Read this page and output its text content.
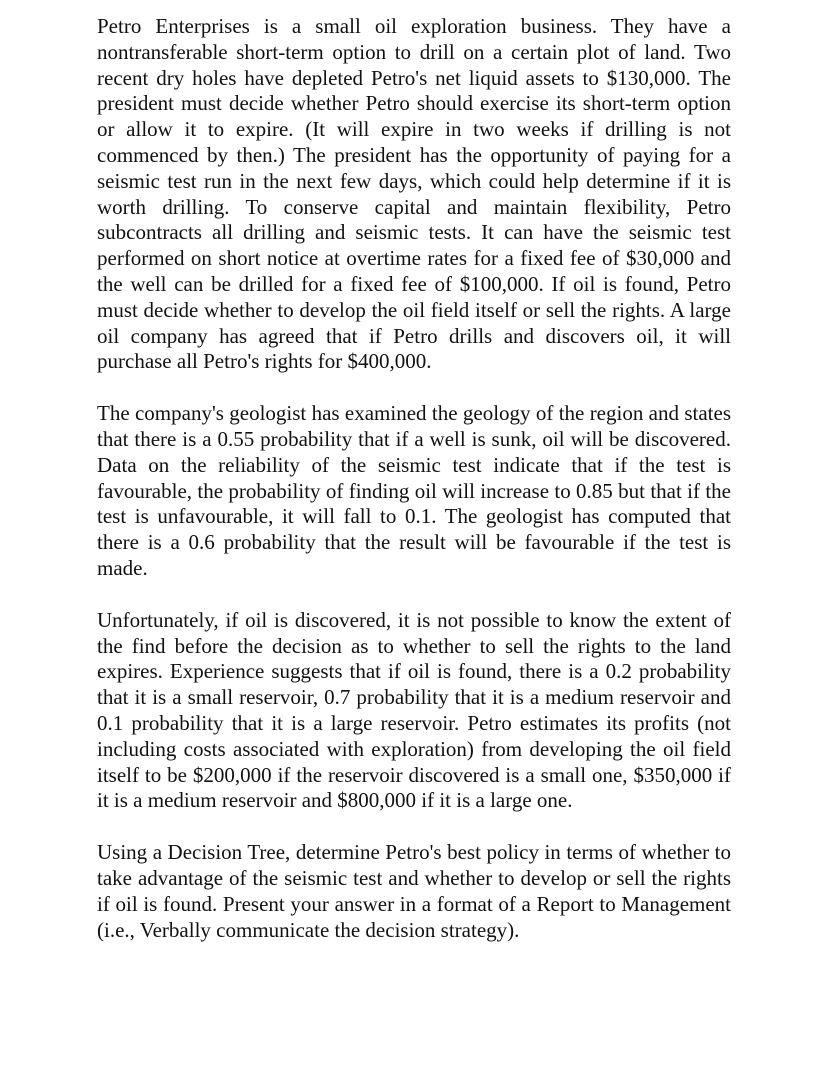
Petro Enterprises is a small oil exploration business. They have a nontransferable short-term option to drill on a certain plot of land. Two recent dry holes have depleted Petro's net liquid assets to $130,000. The president must decide whether Petro should exercise its short-term option or allow it to expire. (It will expire in two weeks if drilling is not commenced by then.) The president has the opportunity of paying for a seismic test run in the next few days, which could help determine if it is worth drilling. To conserve capital and maintain flexibility, Petro subcontracts all drilling and seismic tests. It can have the seismic test performed on short notice at overtime rates for a fixed fee of $30,000 and the well can be drilled for a fixed fee of $100,000. If oil is found, Petro must decide whether to develop the oil field itself or sell the rights. A large oil company has agreed that if Petro drills and discovers oil, it will purchase all Petro's rights for $400,000.

The company's geologist has examined the geology of the region and states that there is a 0.55 probability that if a well is sunk, oil will be discovered. Data on the reliability of the seismic test indicate that if the test is favourable, the probability of finding oil will increase to 0.85 but that if the test is unfavourable, it will fall to 0.1. The geologist has computed that there is a 0.6 probability that the result will be favourable if the test is made.

Unfortunately, if oil is discovered, it is not possible to know the extent of the find before the decision as to whether to sell the rights to the land expires. Experience suggests that if oil is found, there is a 0.2 probability that it is a small reservoir, 0.7 probability that it is a medium reservoir and 0.1 probability that it is a large reservoir. Petro estimates its profits (not including costs associated with exploration) from developing the oil field itself to be $200,000 if the reservoir discovered is a small one, $350,000 if it is a medium reservoir and $800,000 if it is a large one.

Using a Decision Tree, determine Petro's best policy in terms of whether to take advantage of the seismic test and whether to develop or sell the rights if oil is found. Present your answer in a format of a Report to Management (i.e., Verbally communicate the decision strategy).
